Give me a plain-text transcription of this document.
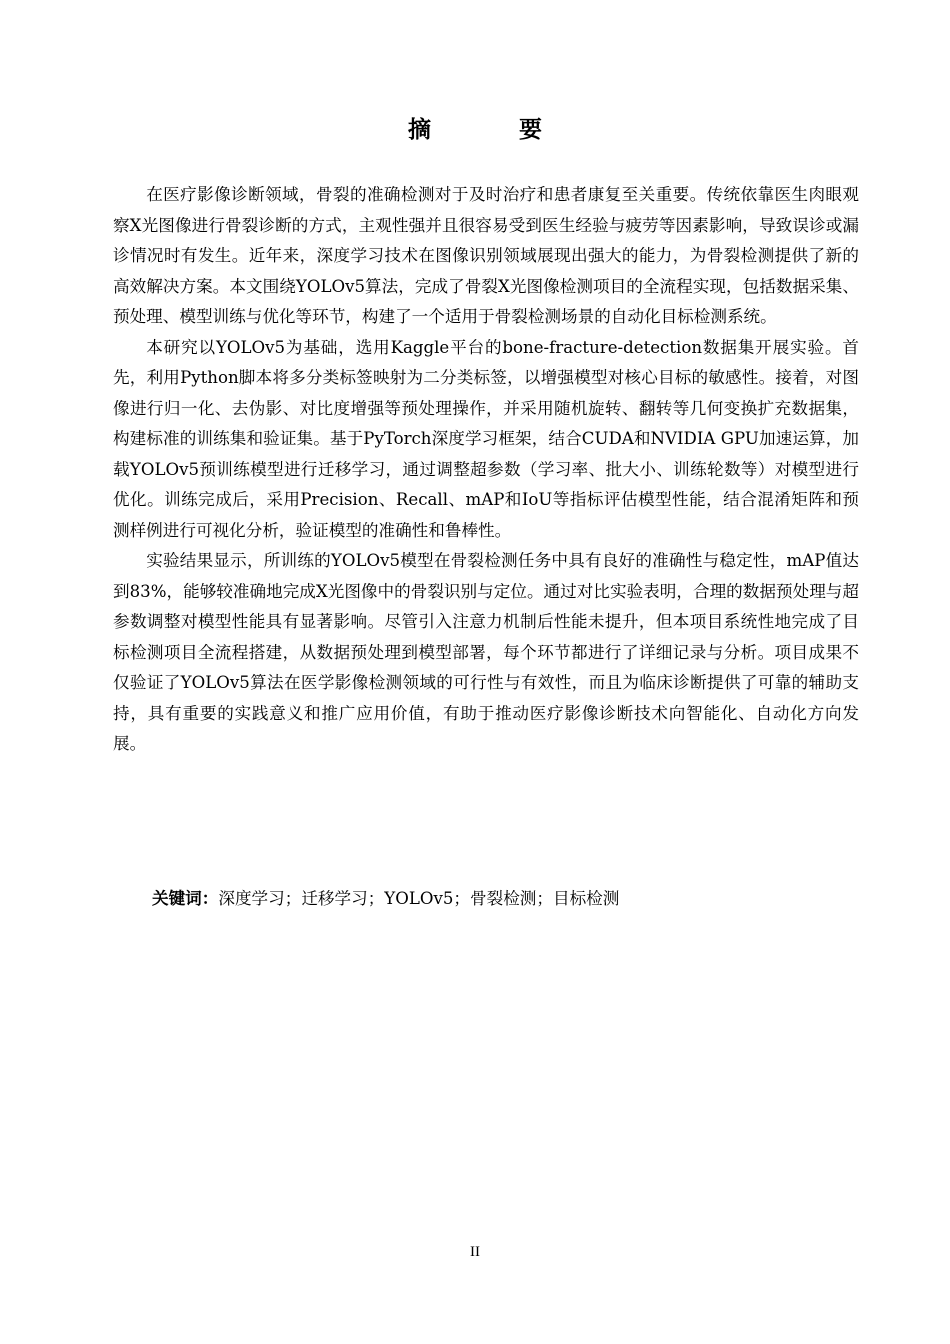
摘 要

在医疗影像诊断领域，骨裂的准确检测对于及时治疗和患者康复至关重要。传统依靠医生肉眼观察X光图像进行骨裂诊断的方式，主观性强并且很容易受到医生经验与疲劳等因素影响，导致误诊或漏诊情况时有发生。近年来，深度学习技术在图像识别领域展现出强大的能力，为骨裂检测提供了新的高效解决方案。本文围绕YOLOv5算法，完成了骨裂X光图像检测项目的全流程实现，包括数据采集、预处理、模型训练与优化等环节，构建了一个适用于骨裂检测场景的自动化目标检测系统。

本研究以YOLOv5为基础，选用Kaggle平台的bone-fracture-detection数据集开展实验。首先，利用Python脚本将多分类标签映射为二分类标签，以增强模型对核心目标的敏感性。接着，对图像进行归一化、去伪影、对比度增强等预处理操作，并采用随机旋转、翻转等几何变换扩充数据集，构建标准的训练集和验证集。基于PyTorch深度学习框架，结合CUDA和NVIDIA GPU加速运算，加载YOLOv5预训练模型进行迁移学习，通过调整超参数（学习率、批大小、训练轮数等）对模型进行优化。训练完成后，采用Precision、Recall、mAP和IoU等指标评估模型性能，结合混淆矩阵和预测样例进行可视化分析，验证模型的准确性和鲁棒性。

实验结果显示，所训练的YOLOv5模型在骨裂检测任务中具有良好的准确性与稳定性，mAP值达到83%，能够较准确地完成X光图像中的骨裂识别与定位。通过对比实验表明，合理的数据预处理与超参数调整对模型性能具有显著影响。尽管引入注意力机制后性能未提升，但本项目系统性地完成了目标检测项目全流程搭建，从数据预处理到模型部署，每个环节都进行了详细记录与分析。项目成果不仅验证了YOLOv5算法在医学影像检测领域的可行性与有效性，而且为临床诊断提供了可靠的辅助支持，具有重要的实践意义和推广应用价值，有助于推动医疗影像诊断技术向智能化、自动化方向发展。

关键词：深度学习；迁移学习；YOLOv5；骨裂检测；目标检测
II
